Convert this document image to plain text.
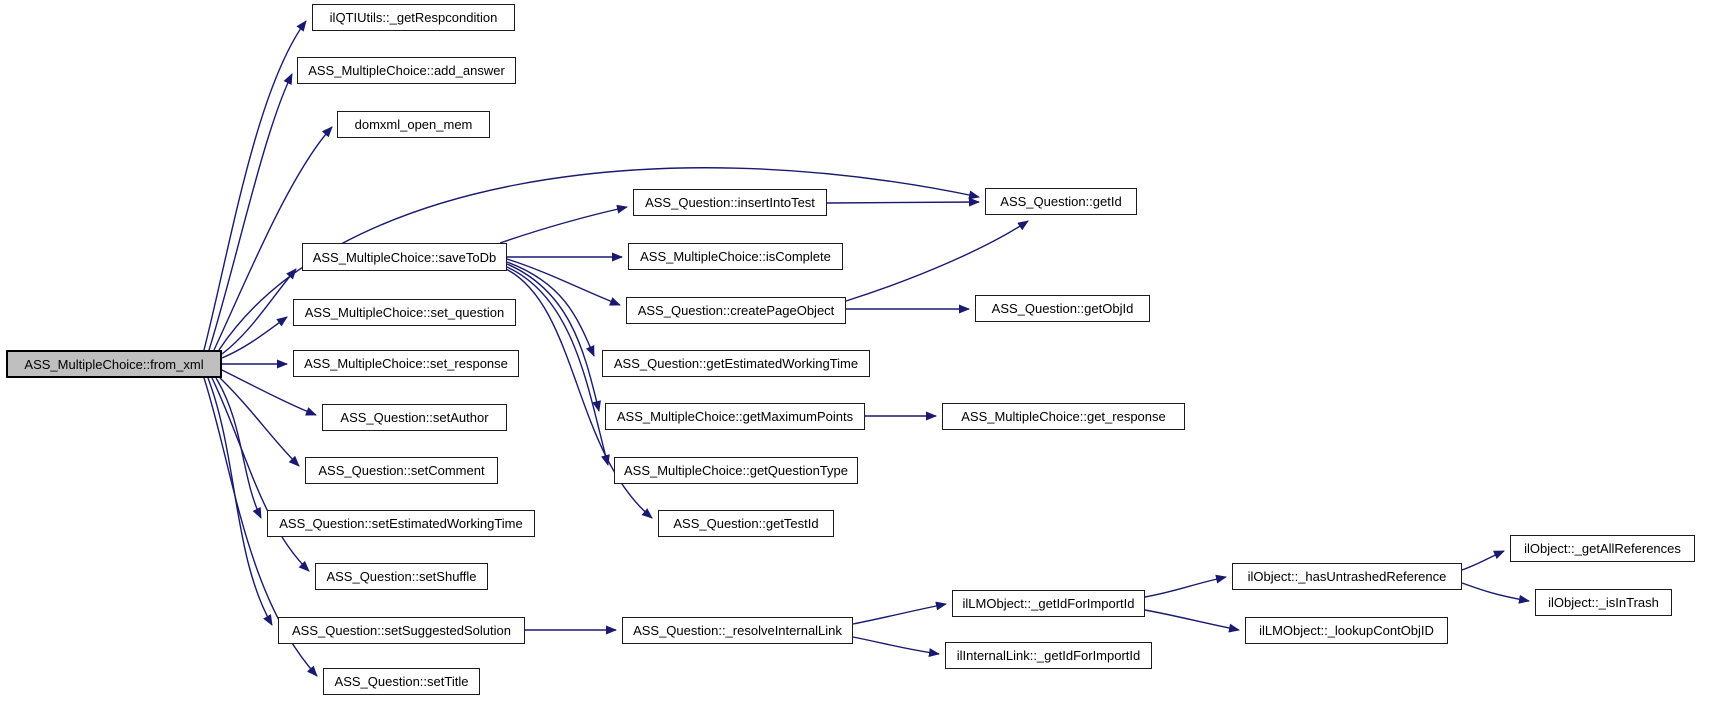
ASS_MultipleChoice::from_xml
ilQTIUtils::_getRespcondition
ASS_MultipleChoice::add_answer
domxml_open_mem
ASS_MultipleChoice::saveToDb
ASS_MultipleChoice::set_question
ASS_MultipleChoice::set_response
ASS_Question::setAuthor
ASS_Question::setComment
ASS_Question::setEstimatedWorkingTime
ASS_Question::setShuffle
ASS_Question::setSuggestedSolution
ASS_Question::setTitle
ASS_Question::insertIntoTest
ASS_MultipleChoice::isComplete
ASS_Question::createPageObject
ASS_Question::getEstimatedWorkingTime
ASS_MultipleChoice::getMaximumPoints
ASS_MultipleChoice::getQuestionType
ASS_Question::getTestId
ASS_Question::getId
ASS_Question::getObjId
ASS_MultipleChoice::get_response
ASS_Question::_resolveInternalLink
ilLMObject::_getIdForImportId
ilInternalLink::_getIdForImportId
ilObject::_hasUntrashedReference
ilLMObject::_lookupContObjID
ilObject::_getAllReferences
ilObject::_isInTrash
